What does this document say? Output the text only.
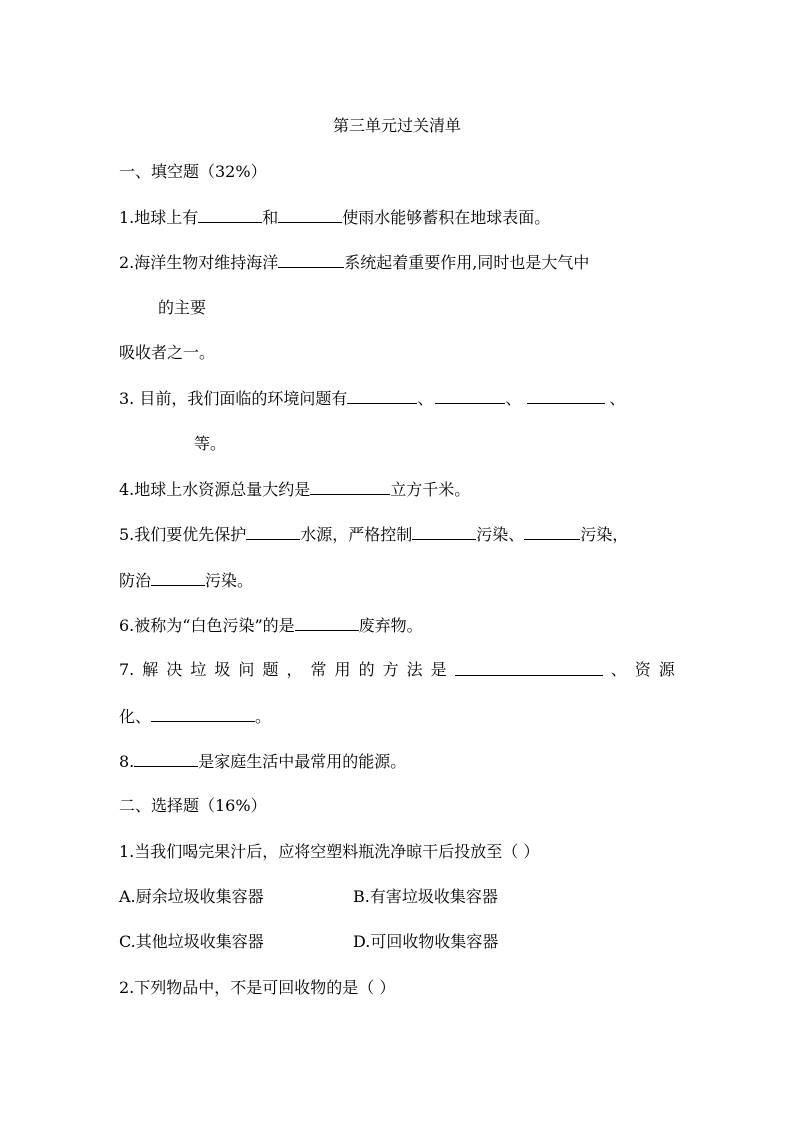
第三单元过关清单
一、填空题（32%）
1.地球上有	和	使雨水能够蓄积在地球表面。
2.海洋生物对维持海洋	系统起着重要作用,同时也是大气中
的主要
吸收者之一。
3. 目前，我们面临的环境问题有	、	、	、
等。
4.地球上水资源总量大约是	立方千米。
5.我们要优先保护	水源，严格控制	污染、	污染，
防治	污染。
6.被称为“白色污染”的是	废弃物。
7. 解 决 垃 圾 问 题 ， 常 用 的 方 法 是	、 资 源
化、	。
8.	是家庭生活中最常用的能源。
二、选择题（16%）
1.当我们喝完果汁后，应将空塑料瓶洗净晾干后投放至（ ）
A.厨余垃圾收集容器	B.有害垃圾收集容器
C.其他垃圾收集容器	D.可回收物收集容器
2.下列物品中，不是可回收物的是（ ）
